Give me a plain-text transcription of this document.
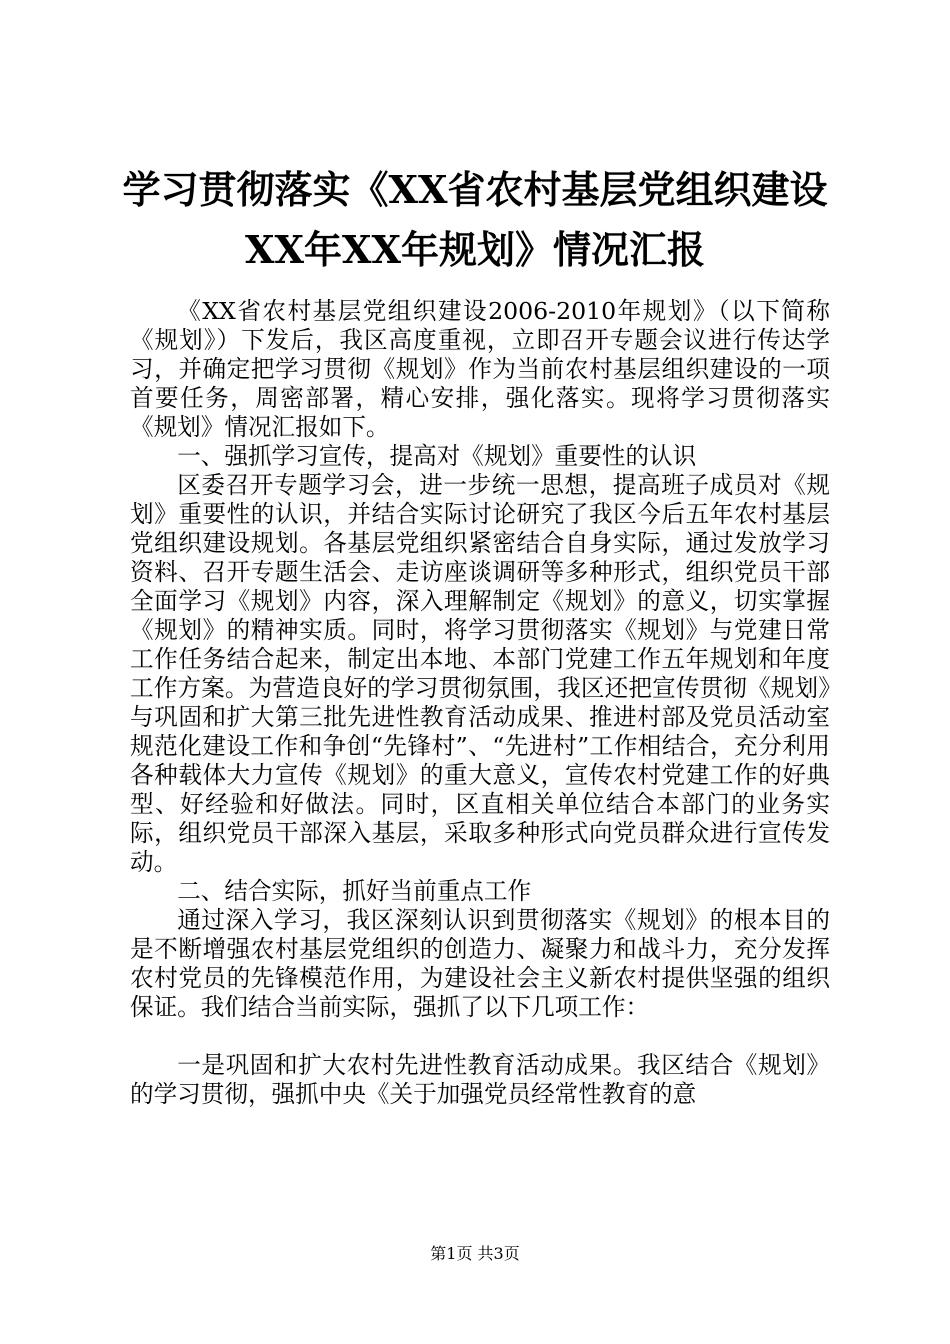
学习贯彻落实《XX省农村基层党组织建设XX年XX年规划》情况汇报

《XX省农村基层党组织建设2006-2010年规划》（以下简称《规划》）下发后，我区高度重视，立即召开专题会议进行传达学习，并确定把学习贯彻《规划》作为当前农村基层组织建设的一项首要任务，周密部署，精心安排，强化落实。现将学习贯彻落实《规划》情况汇报如下。

一、强抓学习宣传，提高对《规划》重要性的认识

区委召开专题学习会，进一步统一思想，提高班子成员对《规划》重要性的认识，并结合实际讨论研究了我区今后五年农村基层党组织建设规划。各基层党组织紧密结合自身实际，通过发放学习资料、召开专题生活会、走访座谈调研等多种形式，组织党员干部全面学习《规划》内容，深入理解制定《规划》的意义，切实掌握《规划》的精神实质。同时，将学习贯彻落实《规划》与党建日常工作任务结合起来，制定出本地、本部门党建工作五年规划和年度工作方案。为营造良好的学习贯彻氛围，我区还把宣传贯彻《规划》与巩固和扩大第三批先进性教育活动成果、推进村部及党员活动室规范化建设工作和争创“先锋村”、“先进村”工作相结合，充分利用各种载体大力宣传《规划》的重大意义，宣传农村党建工作的好典型、好经验和好做法。同时，区直相关单位结合本部门的业务实际，组织党员干部深入基层，采取多种形式向党员群众进行宣传发动。

二、结合实际，抓好当前重点工作

通过深入学习，我区深刻认识到贯彻落实《规划》的根本目的是不断增强农村基层党组织的创造力、凝聚力和战斗力，充分发挥农村党员的先锋模范作用，为建设社会主义新农村提供坚强的组织保证。我们结合当前实际，强抓了以下几项工作：

一是巩固和扩大农村先进性教育活动成果。我区结合《规划》的学习贯彻，强抓中央《关于加强党员经常性教育的意

第1页 共3页
